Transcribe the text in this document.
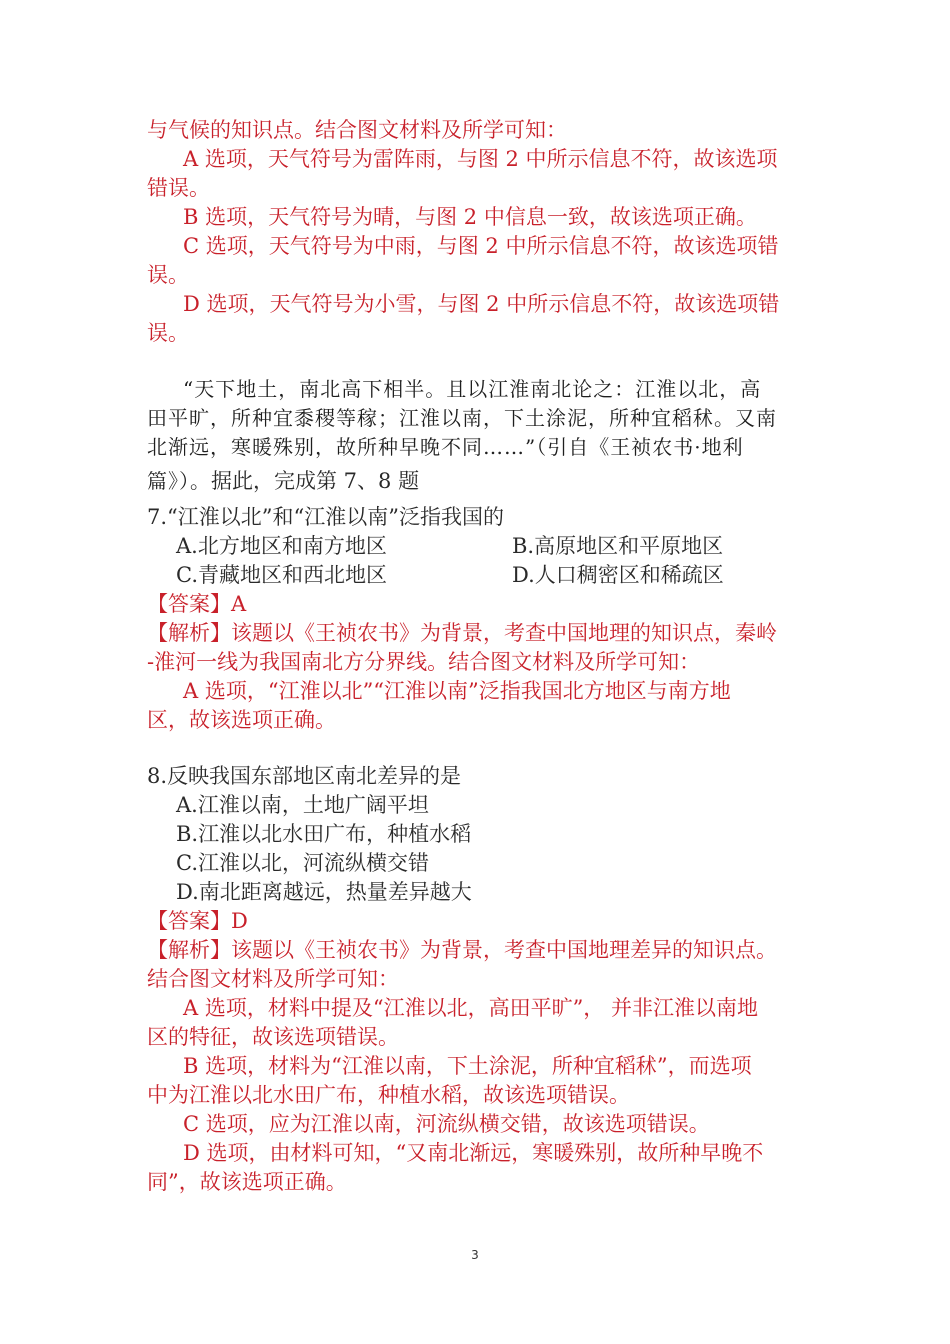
与气候的知识点。结合图文材料及所学可知：
A 选项，天气符号为雷阵雨，与图 2 中所示信息不符，故该选项
错误。
B 选项，天气符号为晴，与图 2 中信息一致，故该选项正确。
C 选项，天气符号为中雨，与图 2 中所示信息不符，故该选项错
误。
D 选项，天气符号为小雪，与图 2 中所示信息不符，故该选项错
误。
“天下地土，南北高下相半。且以江淮南北论之：江淮以北，高
田平旷，所种宜黍稷等稼；江淮以南，下土涂泥，所种宜稻秫。又南
北渐远，寒暖殊别，故所种早晚不同……”（引自《王祯农书·地利
篇》）。据此，完成第 7、8 题
7.“江淮以北”和“江淮以南”泛指我国的
A.北方地区和南方地区	B.高原地区和平原地区
C.青藏地区和西北地区	D.人口稠密区和稀疏区
【答案】A
【解析】该题以《王祯农书》为背景，考查中国地理的知识点，秦岭
-淮河一线为我国南北方分界线。结合图文材料及所学可知：
A 选项，“江淮以北”“江淮以南”泛指我国北方地区与南方地
区，故该选项正确。
8.反映我国东部地区南北差异的是
A.江淮以南，土地广阔平坦
B.江淮以北水田广布，种植水稻
C.江淮以北，河流纵横交错
D.南北距离越远，热量差异越大
【答案】D
【解析】该题以《王祯农书》为背景，考查中国地理差异的知识点。
结合图文材料及所学可知：
A 选项，材料中提及“江淮以北，高田平旷”， 并非江淮以南地
区的特征，故该选项错误。
B 选项，材料为“江淮以南，下土涂泥，所种宜稻秫”，而选项
中为江淮以北水田广布，种植水稻，故该选项错误。
C 选项，应为江淮以南，河流纵横交错，故该选项错误。
D 选项，由材料可知，“又南北渐远，寒暖殊别，故所种早晚不
同”，故该选项正确。
3
